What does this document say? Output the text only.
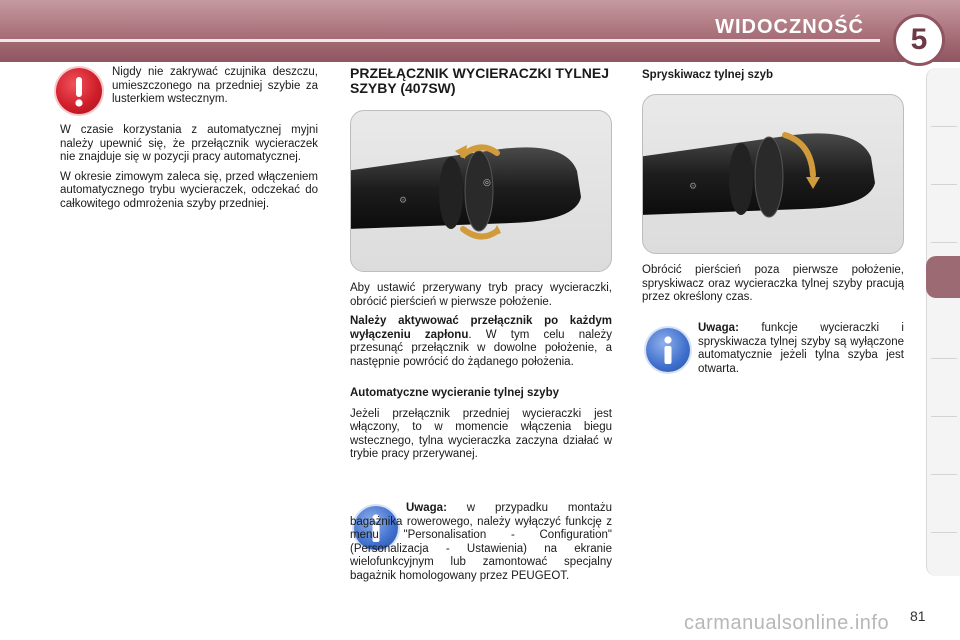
WIDOCZNOŚĆ	5

Nigdy nie zakrywać czujnika deszczu, umieszczonego na przedniej szybie za lusterkiem wstecznym.

W czasie korzystania z automatycznej myjni należy upewnić się, że przełącznik wycieraczek nie znajduje się w pozycji pracy automatycznej.

W okresie zimowym zaleca się, przed włączeniem automatycznego trybu wycieraczek, odczekać do całkowitego odmrożenia szyby przedniej.

PRZEŁĄCZNIK WYCIERACZKI TYLNEJ SZYBY (407SW)
⚙
◎

Aby ustawić przerywany tryb pracy wycieraczki, obrócić pierścień w pierwsze położenie.

Należy aktywować przełącznik po każdym wyłączeniu zapłonu. W tym celu należy przesunąć przełącznik w dowolne położenie, a następnie powrócić do żądanego położenia.

Automatyczne wycieranie tylnej szyby

Jeżeli przełącznik przedniej wycieraczki jest włączony, to w momencie włączenia biegu wstecznego, tylna wycieraczka zaczyna działać w trybie pracy przerywanej.

Uwaga: w przypadku montażu bagażnika rowerowego, należy wyłączyć funkcję z menu "Personalisation - Configuration" (Personalizacja - Ustawienia) na ekranie wielofunkcyjnym lub zamontować specjalny bagażnik homologowany przez PEUGEOT.

Spryskiwacz tylnej szyb
⚙

Obrócić pierścień poza pierwsze położenie, spryskiwacz oraz wycieraczka tylnej szyby pracują przez określony czas.

Uwaga: funkcje wycieraczki i spryskiwacza tylnej szyby są wyłączone automatycznie jeżeli tylna szyba jest otwarta.

carmanualsonline.info 81
